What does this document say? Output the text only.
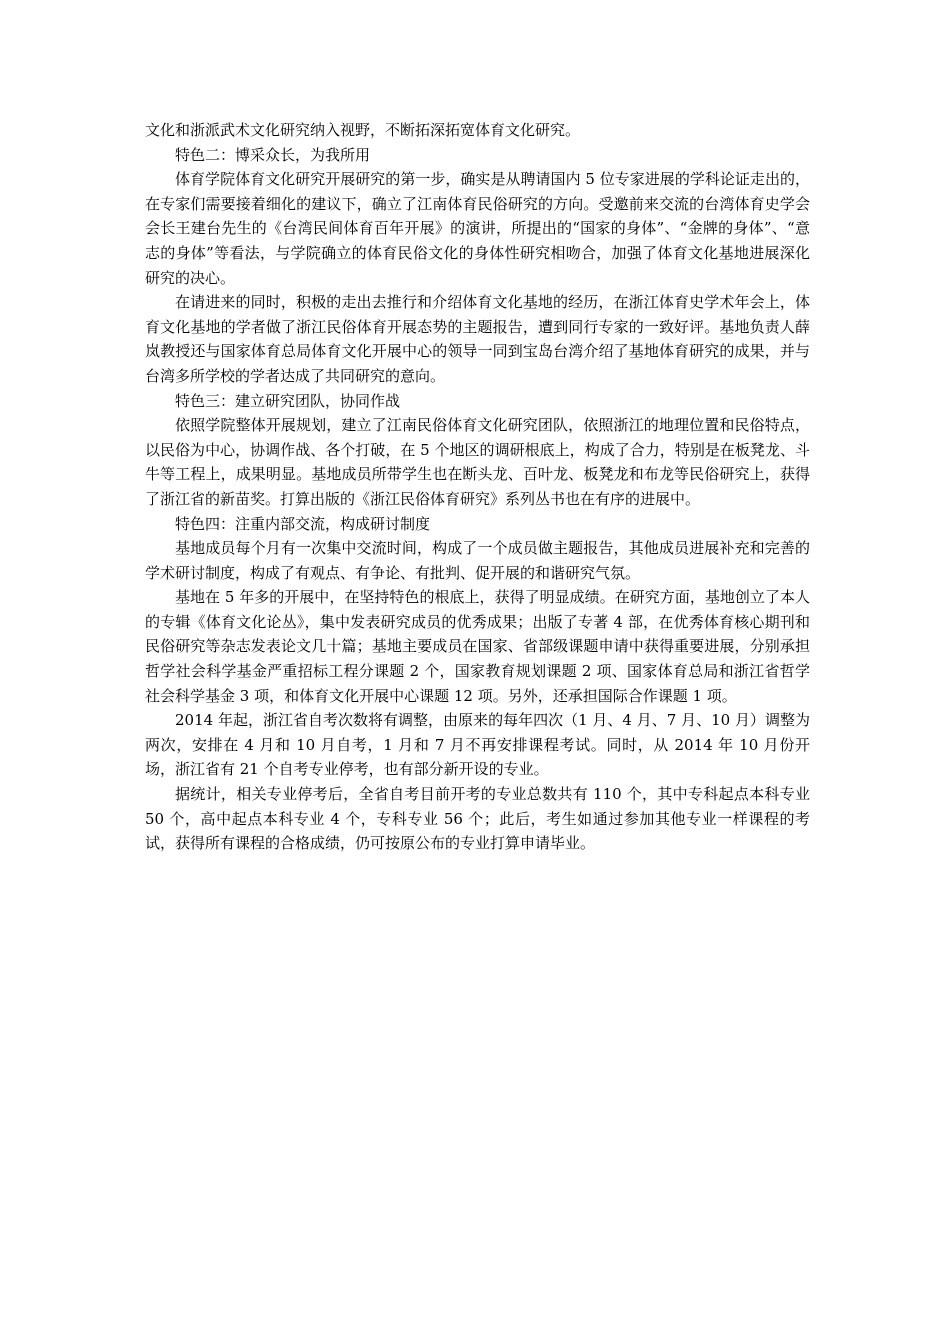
文化和浙派武术文化研究纳入视野，不断拓深拓宽体育文化研究。

特色二：博采众长，为我所用

体育学院体育文化研究开展研究的第一步，确实是从聘请国内 5 位专家进展的学科论证走出的，在专家们需要接着细化的建议下，确立了江南体育民俗研究的方向。受邀前来交流的台湾体育史学会会长王建台先生的《台湾民间体育百年开展》的演讲，所提出的“国家的身体”、“金牌的身体”、“意志的身体”等看法，与学院确立的体育民俗文化的身体性研究相吻合，加强了体育文化基地进展深化研究的决心。

在请进来的同时，积极的走出去推行和介绍体育文化基地的经历，在浙江体育史学术年会上，体育文化基地的学者做了浙江民俗体育开展态势的主题报告，遭到同行专家的一致好评。基地负责人薛岚教授还与国家体育总局体育文化开展中心的领导一同到宝岛台湾介绍了基地体育研究的成果，并与台湾多所学校的学者达成了共同研究的意向。

特色三：建立研究团队，协同作战

依照学院整体开展规划，建立了江南民俗体育文化研究团队，依照浙江的地理位置和民俗特点，以民俗为中心，协调作战、各个打破，在 5 个地区的调研根底上，构成了合力，特别是在板凳龙、斗牛等工程上，成果明显。基地成员所带学生也在断头龙、百叶龙、板凳龙和布龙等民俗研究上，获得了浙江省的新苗奖。打算出版的《浙江民俗体育研究》系列丛书也在有序的进展中。

特色四：注重内部交流，构成研讨制度

基地成员每个月有一次集中交流时间，构成了一个成员做主题报告，其他成员进展补充和完善的学术研讨制度，构成了有观点、有争论、有批判、促开展的和谐研究气氛。

基地在 5 年多的开展中，在坚持特色的根底上，获得了明显成绩。在研究方面，基地创立了本人的专辑《体育文化论丛》，集中发表研究成员的优秀成果；出版了专著 4 部，在优秀体育核心期刊和民俗研究等杂志发表论文几十篇；基地主要成员在国家、省部级课题申请中获得重要进展，分别承担哲学社会科学基金严重招标工程分课题 2 个，国家教育规划课题 2 项、国家体育总局和浙江省哲学社会科学基金 3 项，和体育文化开展中心课题 12 项。另外，还承担国际合作课题 1 项。

2014 年起，浙江省自考次数将有调整，由原来的每年四次（1 月、4 月、7 月、10 月）调整为两次，安排在 4 月和 10 月自考，1 月和 7 月不再安排课程考试。同时，从 2014 年 10 月份开场，浙江省有 21 个自考专业停考，也有部分新开设的专业。

据统计，相关专业停考后，全省自考目前开考的专业总数共有 110 个，其中专科起点本科专业 50 个，高中起点本科专业 4 个，专科专业 56 个；此后，考生如通过参加其他专业一样课程的考试，获得所有课程的合格成绩，仍可按原公布的专业打算申请毕业。
